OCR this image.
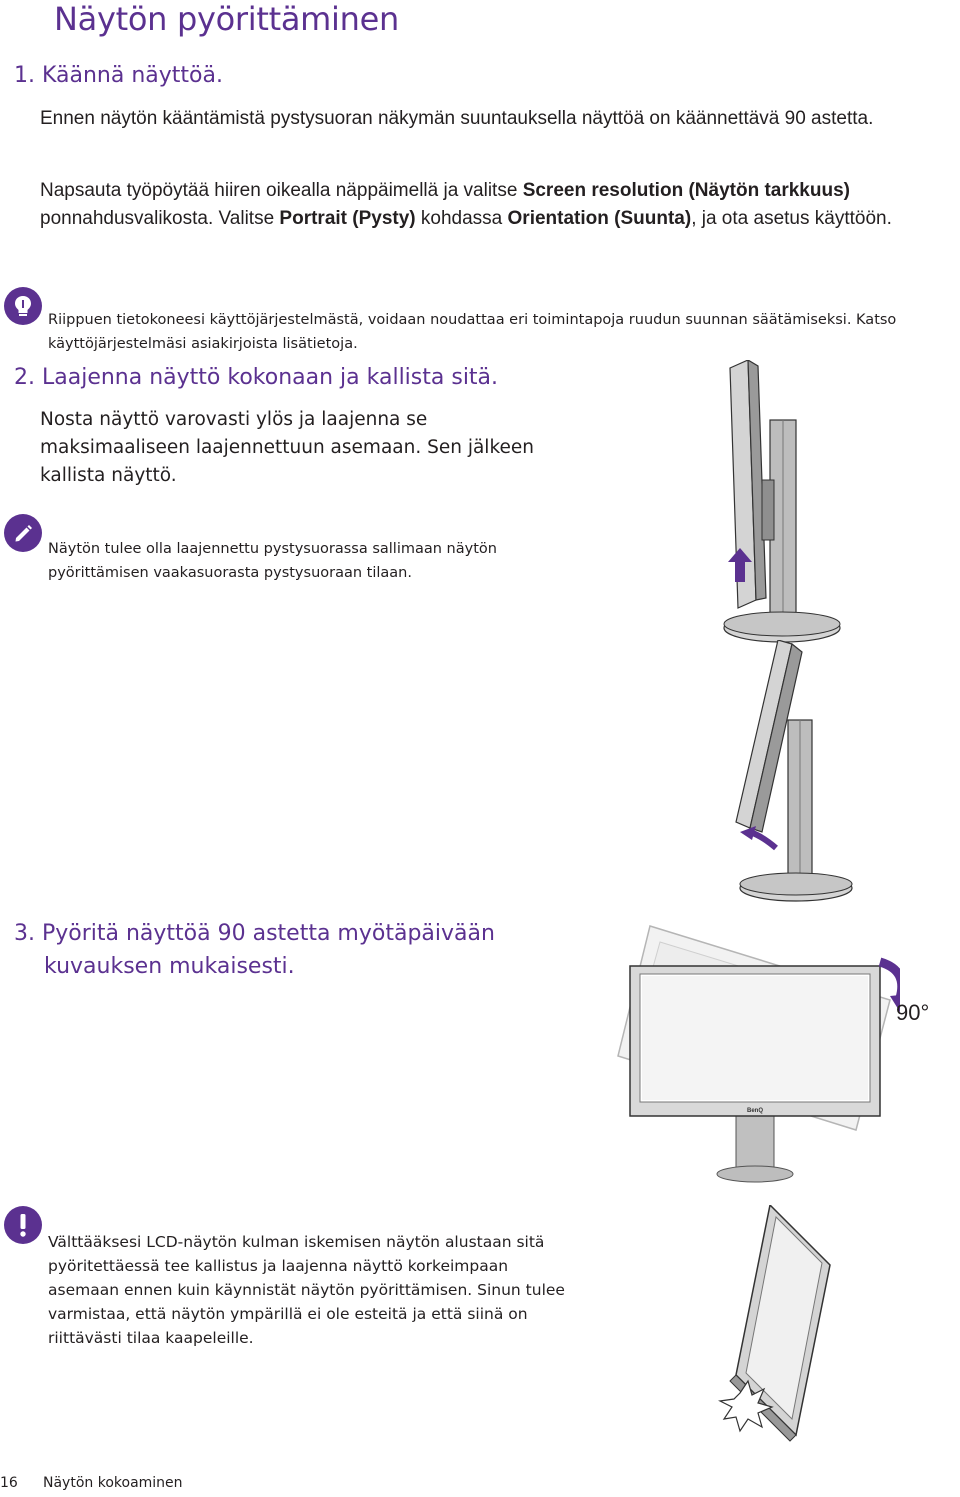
Näytön pyörittäminen
1. Käännä näyttöä.

Ennen näytön kääntämistä pystysuoran näkymän suuntauksella näyttöä on käännettävä 90 astetta.

Napsauta työpöytää hiiren oikealla näppäimellä ja valitse Screen resolution (Näytön tarkkuus) ponnahdusvalikosta. Valitse Portrait (Pysty) kohdassa Orientation (Suunta), ja ota asetus käyttöön.

Riippuen tietokoneesi käyttöjärjestelmästä, voidaan noudattaa eri toimintapoja ruudun suunnan säätämiseksi. Katso käyttöjärjestelmäsi asiakirjoista lisätietoja.

2. Laajenna näyttö kokonaan ja kallista sitä.

Nosta näyttö varovasti ylös ja laajenna se maksimaaliseen laajennettuun asemaan. Sen jälkeen kallista näyttö.

Näytön tulee olla laajennettu pystysuorassa sallimaan näytön pyörittämisen vaakasuorasta pystysuoraan tilaan.

3. Pyöritä näyttöä 90 astetta myötäpäivään
kuvauksen mukaisesti.
BenQ
90°

Välttääksesi LCD-näytön kulman iskemisen näytön alustaan sitä pyöritettäessä tee kallistus ja laajenna näyttö korkeimpaan asemaan ennen kuin käynnistät näytön pyörittämisen. Sinun tulee varmistaa, että näytön ympärillä ei ole esteitä ja että siinä on riittävästi tilaa kaapeleille.

16 Näytön kokoaminen
